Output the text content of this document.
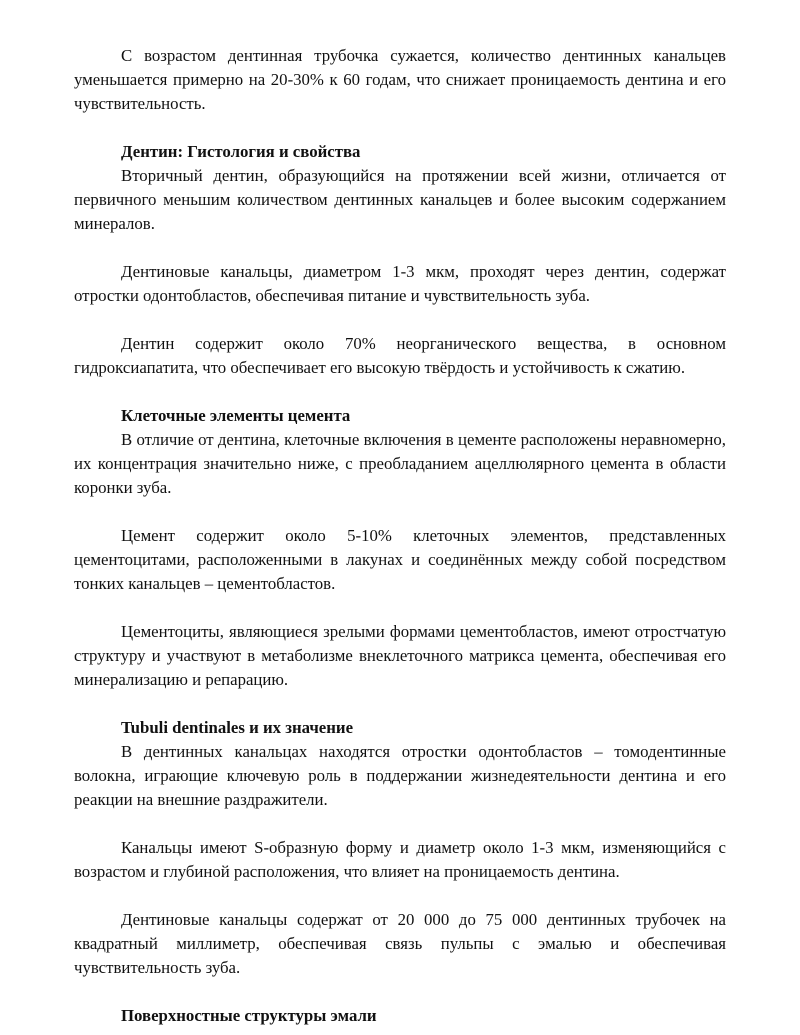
С возрастом дентинная трубочка сужается, количество дентинных канальцев уменьшается примерно на 20-30% к 60 годам, что снижает проницаемость дентина и его чувствительность.

Дентин: Гистология и свойства

Вторичный дентин, образующийся на протяжении всей жизни, отличается от первичного меньшим количеством дентинных канальцев и более высоким содержанием минералов.

Дентиновые канальцы, диаметром 1-3 мкм, проходят через дентин, содержат отростки одонтобластов, обеспечивая питание и чувствительность зуба.

Дентин содержит около 70% неорганического вещества, в основном гидроксиапатита, что обеспечивает его высокую твёрдость и устойчивость к сжатию.

Клеточные элементы цемента

В отличие от дентина, клеточные включения в цементе расположены неравномерно, их концентрация значительно ниже, с преобладанием ацеллюлярного цемента в области коронки зуба.

Цемент содержит около 5-10% клеточных элементов, представленных цементоцитами, расположенными в лакунах и соединённых между собой посредством тонких канальцев – цементобластов.

Цементоциты, являющиеся зрелыми формами цементобластов, имеют отростчатую структуру и участвуют в метаболизме внеклеточного матрикса цемента, обеспечивая его минерализацию и репарацию.

Tubuli dentinales и их значение

В дентинных канальцах находятся отростки одонтобластов – томодентинные волокна, играющие ключевую роль в поддержании жизнедеятельности дентина и его реакции на внешние раздражители.

Канальцы имеют S-образную форму и диаметр около 1-3 мкм, изменяющийся с возрастом и глубиной расположения, что влияет на проницаемость дентина.

Дентиновые канальцы содержат от 20 000 до 75 000 дентинных трубочек на квадратный миллиметр, обеспечивая связь пульпы с эмалью и обеспечивая чувствительность зуба.

Поверхностные структуры эмали
